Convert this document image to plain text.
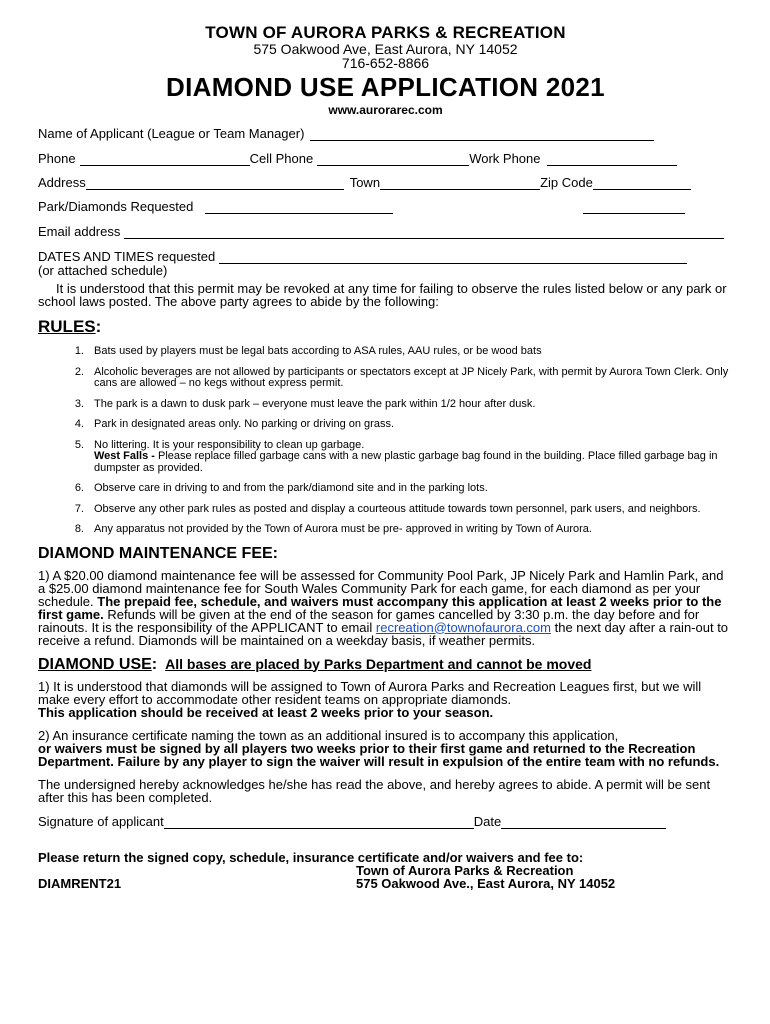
TOWN OF AURORA PARKS & RECREATION
575 Oakwood Ave, East Aurora, NY 14052
716-652-8866
DIAMOND USE APPLICATION 2021
www.aurorarec.com
Name of Applicant (League or Team Manager)
Phone	Cell Phone	Work Phone
Address	Town	Zip Code
Park/Diamonds Requested
Email address
DATES AND TIMES requested
(or attached schedule)
It is understood that this permit may be revoked at any time for failing to observe the rules listed below or any park or school laws posted. The above party agrees to abide by the following:
RULES:
1. Bats used by players must be legal bats according to ASA rules, AAU rules, or be wood bats
2. Alcoholic beverages are not allowed by participants or spectators except at JP Nicely Park, with permit by Aurora Town Clerk. Only cans are allowed – no kegs without express permit.
3. The park is a dawn to dusk park – everyone must leave the park within 1/2 hour after dusk.
4. Park in designated areas only. No parking or driving on grass.
5. No littering. It is your responsibility to clean up garbage.
West Falls - Please replace filled garbage cans with a new plastic garbage bag found in the building. Place filled garbage bag in dumpster as provided.
6. Observe care in driving to and from the park/diamond site and in the parking lots.
7. Observe any other park rules as posted and display a courteous attitude towards town personnel, park users, and neighbors.
8. Any apparatus not provided by the Town of Aurora must be pre- approved in writing by Town of Aurora.
DIAMOND MAINTENANCE FEE:
1) A $20.00 diamond maintenance fee will be assessed for Community Pool Park, JP Nicely Park and Hamlin Park, and a $25.00 diamond maintenance fee for South Wales Community Park for each game, for each diamond as per your schedule. The prepaid fee, schedule, and waivers must accompany this application at least 2 weeks prior to the first game. Refunds will be given at the end of the season for games cancelled by 3:30 p.m. the day before and for rainouts. It is the responsibility of the APPLICANT to email recreation@townofaurora.com the next day after a rain-out to receive a refund. Diamonds will be maintained on a weekday basis, if weather permits.
DIAMOND USE: All bases are placed by Parks Department and cannot be moved
1) It is understood that diamonds will be assigned to Town of Aurora Parks and Recreation Leagues first, but we will make every effort to accommodate other resident teams on appropriate diamonds.
This application should be received at least 2 weeks prior to your season.
2) An insurance certificate naming the town as an additional insured is to accompany this application,
or waivers must be signed by all players two weeks prior to their first game and returned to the Recreation Department. Failure by any player to sign the waiver will result in expulsion of the entire team with no refunds.
The undersigned hereby acknowledges he/she has read the above, and hereby agrees to abide. A permit will be sent after this has been completed.
Signature of applicant	Date
Please return the signed copy, schedule, insurance certificate and/or waivers and fee to:
Town of Aurora Parks & Recreation
DIAMRENT21	575 Oakwood Ave., East Aurora, NY 14052
